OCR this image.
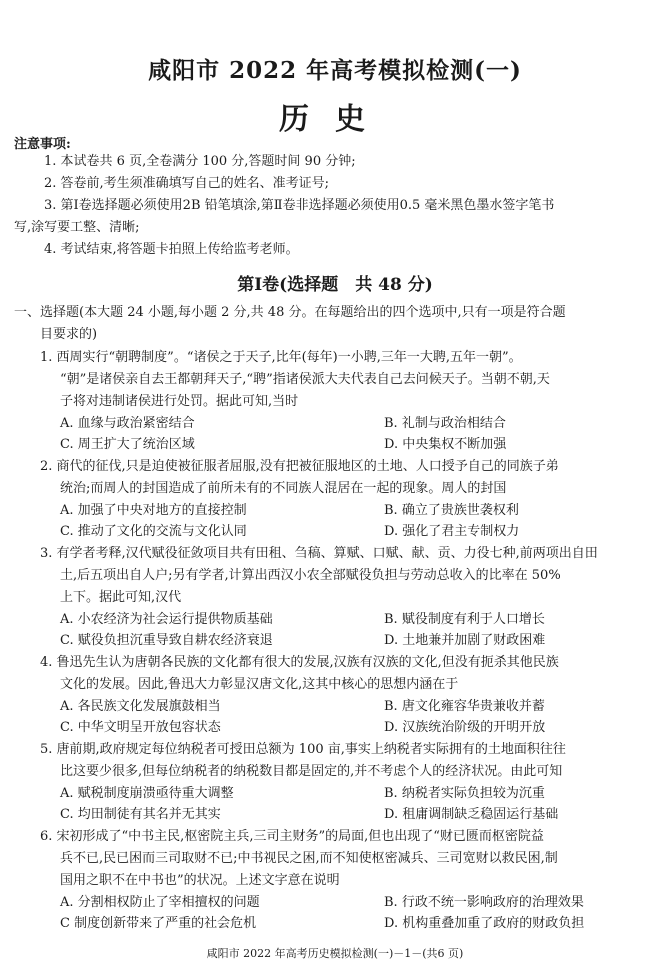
咸阳市 2022 年高考模拟检测(一)
历史
注意事项:
1. 本试卷共 6 页,全卷满分 100 分,答题时间 90 分钟;
2. 答卷前,考生须准确填写自己的姓名、准考证号;
3. 第Ⅰ卷选择题必须使用2B 铅笔填涂,第Ⅱ卷非选择题必须使用0.5 毫米黑色墨水签字笔书
写,涂写要工整、清晰;
4. 考试结束,将答题卡拍照上传给监考老师。
第Ⅰ卷(选择题　共 48 分)
一、选择题(本大题 24 小题,每小题 2 分,共 48 分。在每题给出的四个选项中,只有一项是符合题
目要求的)
1. 西周实行“朝聘制度”。“诸侯之于天子,比年(每年)一小聘,三年一大聘,五年一朝”。
“朝”是诸侯亲自去王都朝拜天子,“聘”指诸侯派大夫代表自己去问候天子。当朝不朝,天
子将对违制诸侯进行处罚。据此可知,当时
A. 血缘与政治紧密结合	B. 礼制与政治相结合
C. 周王扩大了统治区域	D. 中央集权不断加强
2. 商代的征伐,只是迫使被征服者屈服,没有把被征服地区的土地、人口授予自己的同族子弟
统治;而周人的封国造成了前所未有的不同族人混居在一起的现象。周人的封国
A. 加强了中央对地方的直接控制	B. 确立了贵族世袭权利
C. 推动了文化的交流与文化认同	D. 强化了君主专制权力
3. 有学者考释,汉代赋役征敛项目共有田租、刍稿、算赋、口赋、献、贡、力役七种,前两项出自田
土,后五项出自人户;另有学者,计算出西汉小农全部赋役负担与劳动总收入的比率在 50%
上下。据此可知,汉代
A. 小农经济为社会运行提供物质基础	B. 赋役制度有利于人口增长
C. 赋役负担沉重导致自耕农经济衰退	D. 土地兼并加剧了财政困难
4. 鲁迅先生认为唐朝各民族的文化都有很大的发展,汉族有汉族的文化,但没有扼杀其他民族
文化的发展。因此,鲁迅大力彰显汉唐文化,这其中核心的思想内涵在于
A. 各民族文化发展旗鼓相当	B. 唐文化雍容华贵兼收并蓄
C. 中华文明呈开放包容状态	D. 汉族统治阶级的开明开放
5. 唐前期,政府规定每位纳税者可授田总额为 100 亩,事实上纳税者实际拥有的土地面积往往
比这要少很多,但每位纳税者的纳税数目都是固定的,并不考虑个人的经济状况。由此可知
A. 赋税制度崩溃亟待重大调整	B. 纳税者实际负担较为沉重
C. 均田制徒有其名并无其实	D. 租庸调制缺乏稳固运行基础
6. 宋初形成了“中书主民,枢密院主兵,三司主财务”的局面,但也出现了“财已匮而枢密院益
兵不已,民已困而三司取财不已;中书视民之困,而不知使枢密减兵、三司宽财以救民困,制
国用之职不在中书也”的状况。上述文字意在说明
A. 分割相权防止了宰相擅权的问题	B. 行政不统一影响政府的治理效果
C 制度创新带来了严重的社会危机	D. 机构重叠加重了政府的财政负担
咸阳市 2022 年高考历史模拟检测(一)－1－(共6 页)
